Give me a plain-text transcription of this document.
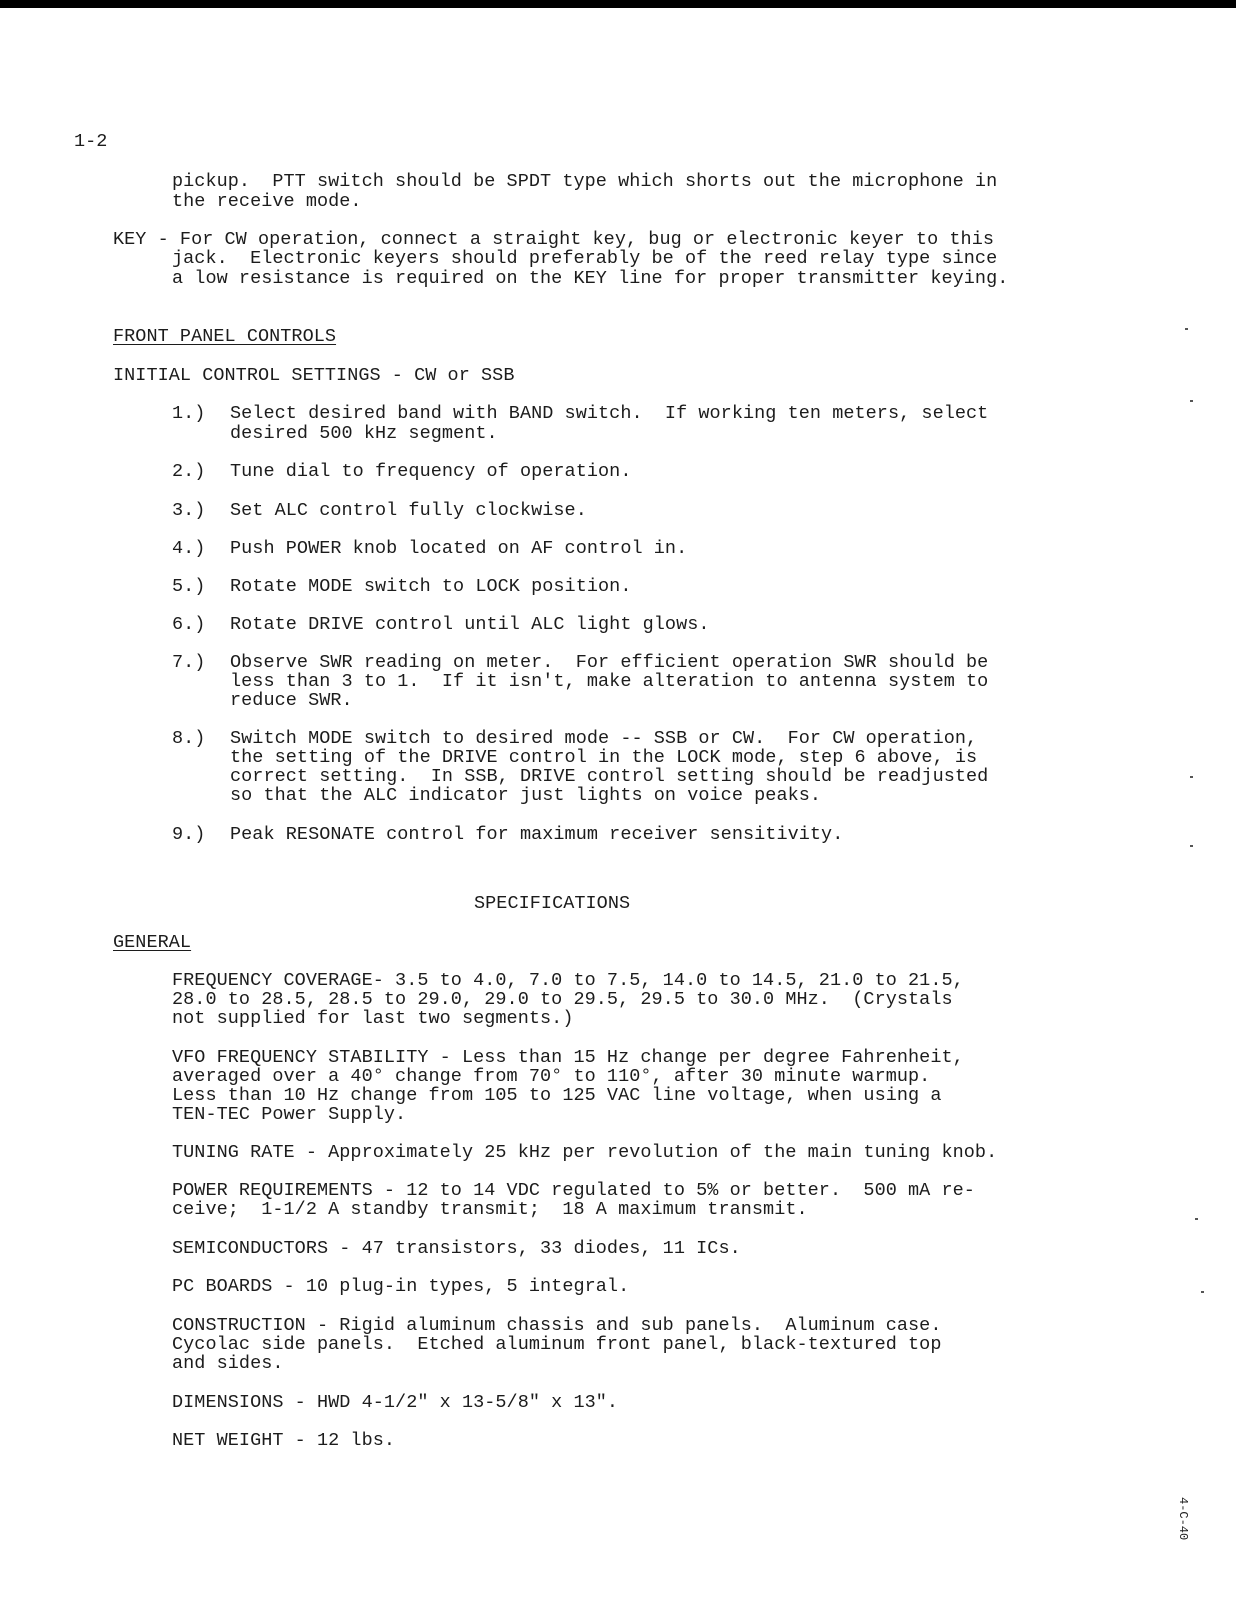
1-2
pickup.  PTT switch should be SPDT type which shorts out the microphone in
the receive mode.
KEY - For CW operation, connect a straight key, bug or electronic keyer to this
jack.  Electronic keyers should preferably be of the reed relay type since
a low resistance is required on the KEY line for proper transmitter keying.
FRONT PANEL CONTROLS
INITIAL CONTROL SETTINGS - CW or SSB
1.) Select desired band with BAND switch.  If working ten meters, select
desired 500 kHz segment.
2.) Tune dial to frequency of operation.
3.) Set ALC control fully clockwise.
4.) Push POWER knob located on AF control in.
5.) Rotate MODE switch to LOCK position.
6.) Rotate DRIVE control until ALC light glows.
7.) Observe SWR reading on meter.  For efficient operation SWR should be
less than 3 to 1.  If it isn't, make alteration to antenna system to
reduce SWR.
8.) Switch MODE switch to desired mode -- SSB or CW.  For CW operation,
the setting of the DRIVE control in the LOCK mode, step 6 above, is
correct setting.  In SSB, DRIVE control setting should be readjusted
so that the ALC indicator just lights on voice peaks.
9.) Peak RESONATE control for maximum receiver sensitivity.
SPECIFICATIONS
GENERAL
FREQUENCY COVERAGE- 3.5 to 4.0, 7.0 to 7.5, 14.0 to 14.5, 21.0 to 21.5,
28.0 to 28.5, 28.5 to 29.0, 29.0 to 29.5, 29.5 to 30.0 MHz.  (Crystals
not supplied for last two segments.)
VFO FREQUENCY STABILITY - Less than 15 Hz change per degree Fahrenheit,
averaged over a 40° change from 70° to 110°, after 30 minute warmup.
Less than 10 Hz change from 105 to 125 VAC line voltage, when using a
TEN-TEC Power Supply.
TUNING RATE - Approximately 25 kHz per revolution of the main tuning knob.
POWER REQUIREMENTS - 12 to 14 VDC regulated to 5% or better.  500 mA re-
ceive;  1-1/2 A standby transmit;  18 A maximum transmit.
SEMICONDUCTORS - 47 transistors, 33 diodes, 11 ICs.
PC BOARDS - 10 plug-in types, 5 integral.
CONSTRUCTION - Rigid aluminum chassis and sub panels.  Aluminum case.
Cycolac side panels.  Etched aluminum front panel, black-textured top
and sides.
DIMENSIONS - HWD 4-1/2" x 13-5/8" x 13".
NET WEIGHT - 12 lbs.
4-C-40
